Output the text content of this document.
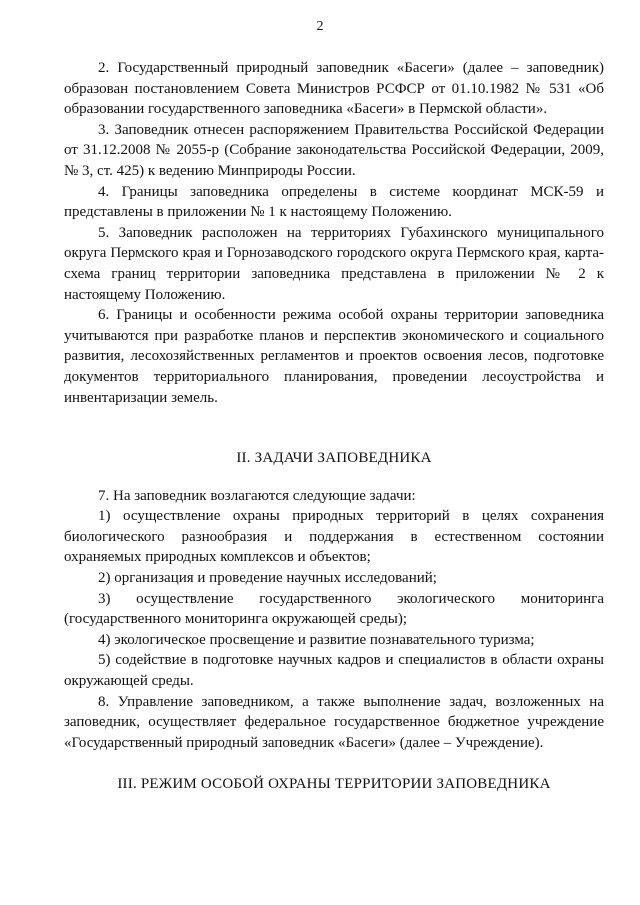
2

2. Государственный природный заповедник «Басеги» (далее – заповедник) образован постановлением Совета Министров РСФСР от 01.10.1982 № 531 «Об образовании государственного заповедника «Басеги» в Пермской области».

3. Заповедник отнесен распоряжением Правительства Российской Федерации от 31.12.2008 № 2055-р (Собрание законодательства Российской Федерации, 2009, № 3, ст. 425) к ведению Минприроды России.

4. Границы заповедника определены в системе координат МСК-59 и представлены в приложении № 1 к настоящему Положению.

5. Заповедник расположен на территориях Губахинского муниципального округа Пермского края и Горнозаводского городского округа Пермского края, карта-схема границ территории заповедника представлена в приложении № 2 к настоящему Положению.

6. Границы и особенности режима особой охраны территории заповедника учитываются при разработке планов и перспектив экономического и социального развития, лесохозяйственных регламентов и проектов освоения лесов, подготовке документов территориального планирования, проведении лесоустройства и инвентаризации земель.

II. ЗАДАЧИ ЗАПОВЕДНИКА

7. На заповедник возлагаются следующие задачи:

1) осуществление охраны природных территорий в целях сохранения биологического разнообразия и поддержания в естественном состоянии охраняемых природных комплексов и объектов;

2) организация и проведение научных исследований;

3) осуществление государственного экологического мониторинга (государственного мониторинга окружающей среды);

4) экологическое просвещение и развитие познавательного туризма;

5) содействие в подготовке научных кадров и специалистов в области охраны окружающей среды.

8. Управление заповедником, а также выполнение задач, возложенных на заповедник, осуществляет федеральное государственное бюджетное учреждение «Государственный природный заповедник «Басеги» (далее – Учреждение).

III. РЕЖИМ ОСОБОЙ ОХРАНЫ ТЕРРИТОРИИ ЗАПОВЕДНИКА
